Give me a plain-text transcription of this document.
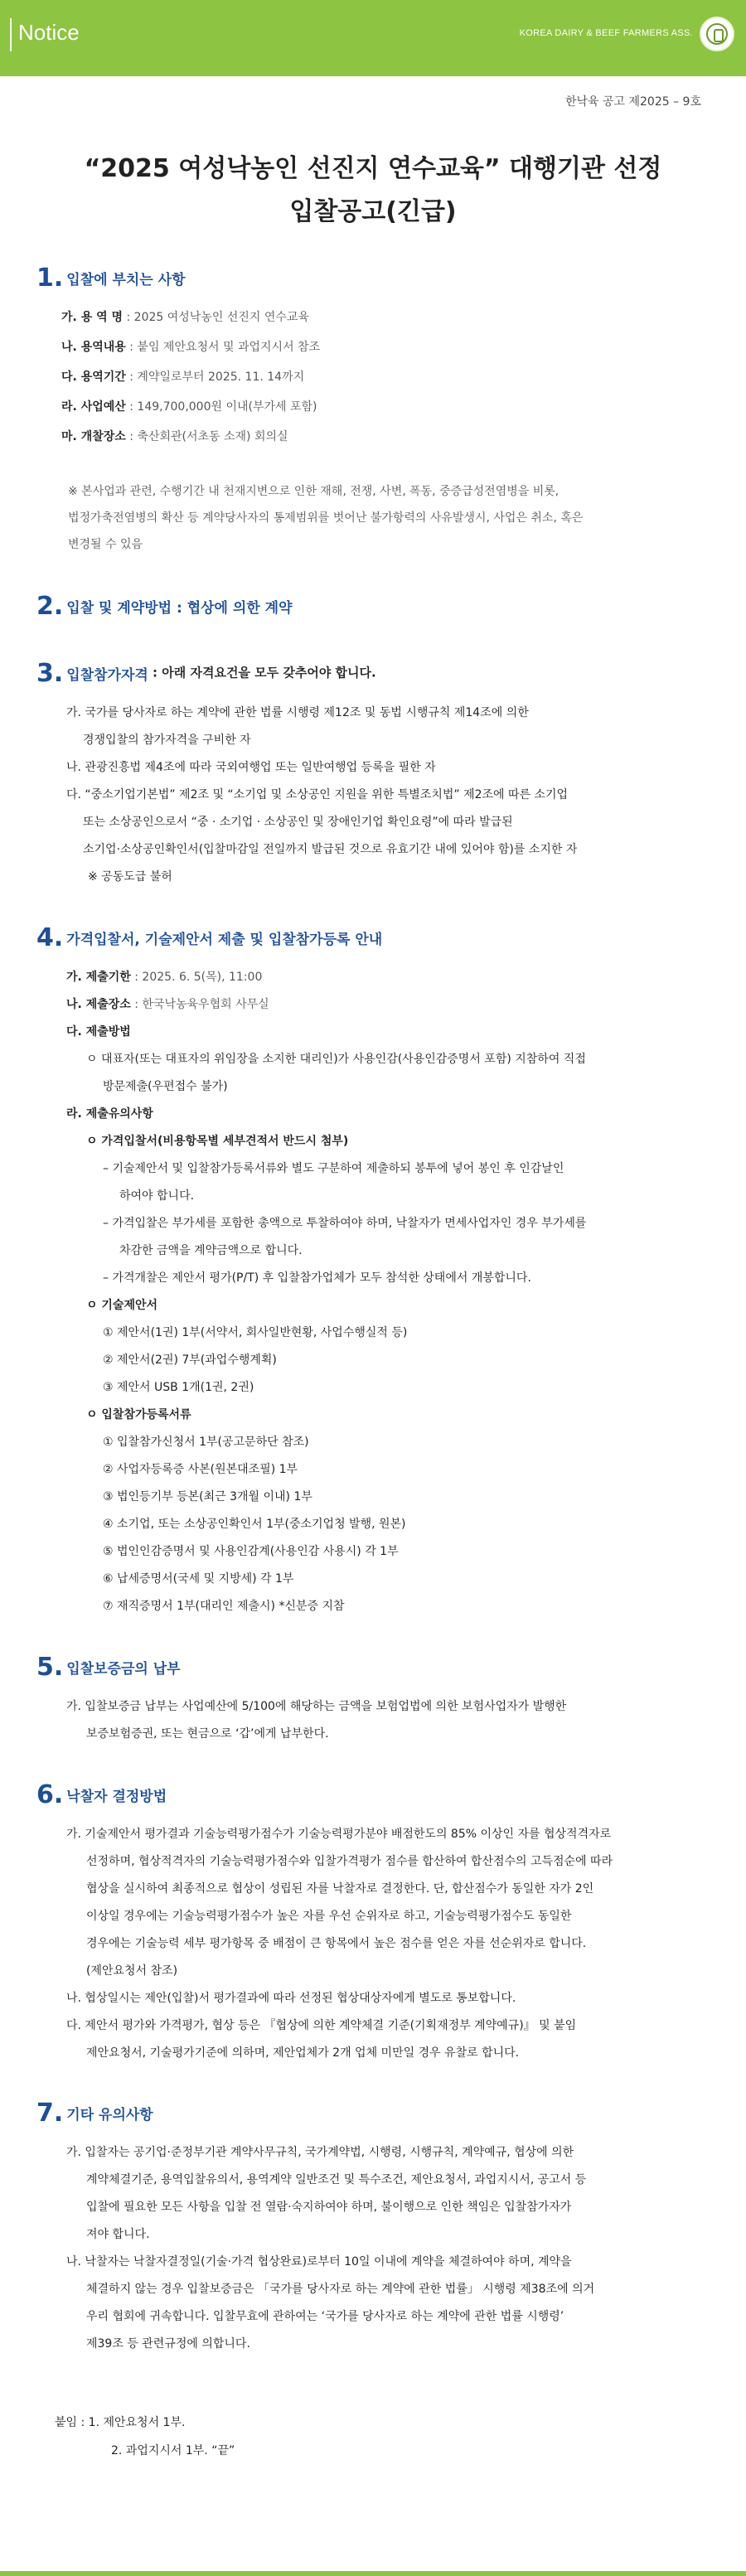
Notice	KOREA DAIRY & BEEF FARMERS ASS.
한낙육 공고 제2025 – 9호
“2025 여성낙농인 선진지 연수교육” 대행기관 선정
입찰공고(긴급)
1. 입찰에 부치는 사항
가. 용 역 명 : 2025 여성낙농인 선진지 연수교육
나. 용역내용 : 붙임 제안요청서 및 과업지시서 참조
다. 용역기간 : 계약일로부터 2025. 11. 14까지
라. 사업예산 : 149,700,000원 이내(부가세 포함)
마. 개찰장소 : 축산회관(서초동 소재) 회의실
※ 본사업과 관련, 수행기간 내 천재지변으로 인한 재해, 전쟁, 사변, 폭동, 중증급성전염병을 비롯,
법정가축전염병의 확산 등 계약당사자의 통제범위를 벗어난 불가항력의 사유발생시, 사업은 취소, 혹은
변경될 수 있음
2. 입찰 및 계약방법 : 협상에 의한 계약
3. 입찰참가자격 : 아래 자격요건을 모두 갖추어야 합니다.
가. 국가를 당사자로 하는 계약에 관한 법률 시행령 제12조 및 동법 시행규칙 제14조에 의한
경쟁입찰의 참가자격을 구비한 자
나. 관광진흥법 제4조에 따라 국외여행업 또는 일반여행업 등록을 필한 자
다. “중소기업기본법” 제2조 및 “소기업 및 소상공인 지원을 위한 특별조치법” 제2조에 따른 소기업
또는 소상공인으로서 “중 · 소기업 · 소상공인 및 장애인기업 확인요령”에 따라 발급된
소기업·소상공인확인서(입찰마감일 전일까지 발급된 것으로 유효기간 내에 있어야 함)를 소지한 자
※ 공동도급 불허
4. 가격입찰서, 기술제안서 제출 및 입찰참가등록 안내
가. 제출기한 : 2025. 6. 5(목), 11:00
나. 제출장소 : 한국낙농육우협회 사무실
다. 제출방법
ㅇ 대표자(또는 대표자의 위임장을 소지한 대리인)가 사용인감(사용인감증명서 포함) 지참하여 직접
방문제출(우편접수 불가)
라. 제출유의사항
ㅇ 가격입찰서(비용항목별 세부견적서 반드시 첨부)
– 기술제안서 및 입찰참가등록서류와 별도 구분하여 제출하되 봉투에 넣어 봉인 후 인감날인
하여야 합니다.
– 가격입찰은 부가세를 포함한 총액으로 투찰하여야 하며, 낙찰자가 면세사업자인 경우 부가세를
차감한 금액을 계약금액으로 합니다.
– 가격개찰은 제안서 평가(P/T) 후 입찰참가업체가 모두 참석한 상태에서 개봉합니다.
ㅇ 기술제안서
① 제안서(1권) 1부(서약서, 회사일반현황, 사업수행실적 등)
② 제안서(2권) 7부(과업수행계획)
③ 제안서 USB 1개(1권, 2권)
ㅇ 입찰참가등록서류
① 입찰참가신청서 1부(공고문하단 참조)
② 사업자등록증 사본(원본대조필) 1부
③ 법인등기부 등본(최근 3개월 이내) 1부
④ 소기업, 또는 소상공인확인서 1부(중소기업청 발행, 원본)
⑤ 법인인감증명서 및 사용인감계(사용인감 사용시) 각 1부
⑥ 납세증명서(국세 및 지방세) 각 1부
⑦ 재직증명서 1부(대리인 제출시) *신분증 지참
5. 입찰보증금의 납부
가. 입찰보증금 납부는 사업예산에 5/100에 해당하는 금액을 보험업법에 의한 보험사업자가 발행한
보증보험증권, 또는 현금으로 ‘갑’에게 납부한다.
6. 낙찰자 결정방법
가. 기술제안서 평가결과 기술능력평가점수가 기술능력평가분야 배점한도의 85% 이상인 자를 협상적격자로
선정하며, 협상적격자의 기술능력평가점수와 입찰가격평가 점수를 합산하여 합산점수의 고득점순에 따라
협상을 실시하여 최종적으로 협상이 성립된 자를 낙찰자로 결정한다. 단, 합산점수가 동일한 자가 2인
이상일 경우에는 기술능력평가점수가 높은 자를 우선 순위자로 하고, 기술능력평가점수도 동일한
경우에는 기술능력 세부 평가항목 중 배점이 큰 항목에서 높은 점수를 얻은 자를 선순위자로 합니다.
(제안요청서 참조)
나. 협상일시는 제안(입찰)서 평가결과에 따라 선정된 협상대상자에게 별도로 통보합니다.
다. 제안서 평가와 가격평가, 협상 등은 『협상에 의한 계약체결 기준(기획재정부 계약예규)』 및 붙임
제안요청서, 기술평가기준에 의하며, 제안업체가 2개 업체 미만일 경우 유찰로 합니다.
7. 기타 유의사항
가. 입찰자는 공기업·준정부기관 계약사무규칙, 국가계약법, 시행령, 시행규칙, 계약예규, 협상에 의한
계약체결기준, 용역입찰유의서, 용역계약 일반조건 및 특수조건, 제안요청서, 과업지시서, 공고서 등
입찰에 필요한 모든 사항을 입찰 전 열람·숙지하여야 하며, 불이행으로 인한 책임은 입찰참가자가
져야 합니다.
나. 낙찰자는 낙찰자결정일(기술·가격 협상완료)로부터 10일 이내에 계약을 체결하여야 하며, 계약을
체결하지 않는 경우 입찰보증금은 「국가를 당사자로 하는 계약에 관한 법률」 시행령 제38조에 의거
우리 협회에 귀속합니다. 입찰무효에 관하여는 ‘국가를 당사자로 하는 계약에 관한 법률 시행령’
제39조 등 관련규정에 의합니다.
붙임 : 1. 제안요청서 1부.
2. 과업지시서 1부. “끝”
